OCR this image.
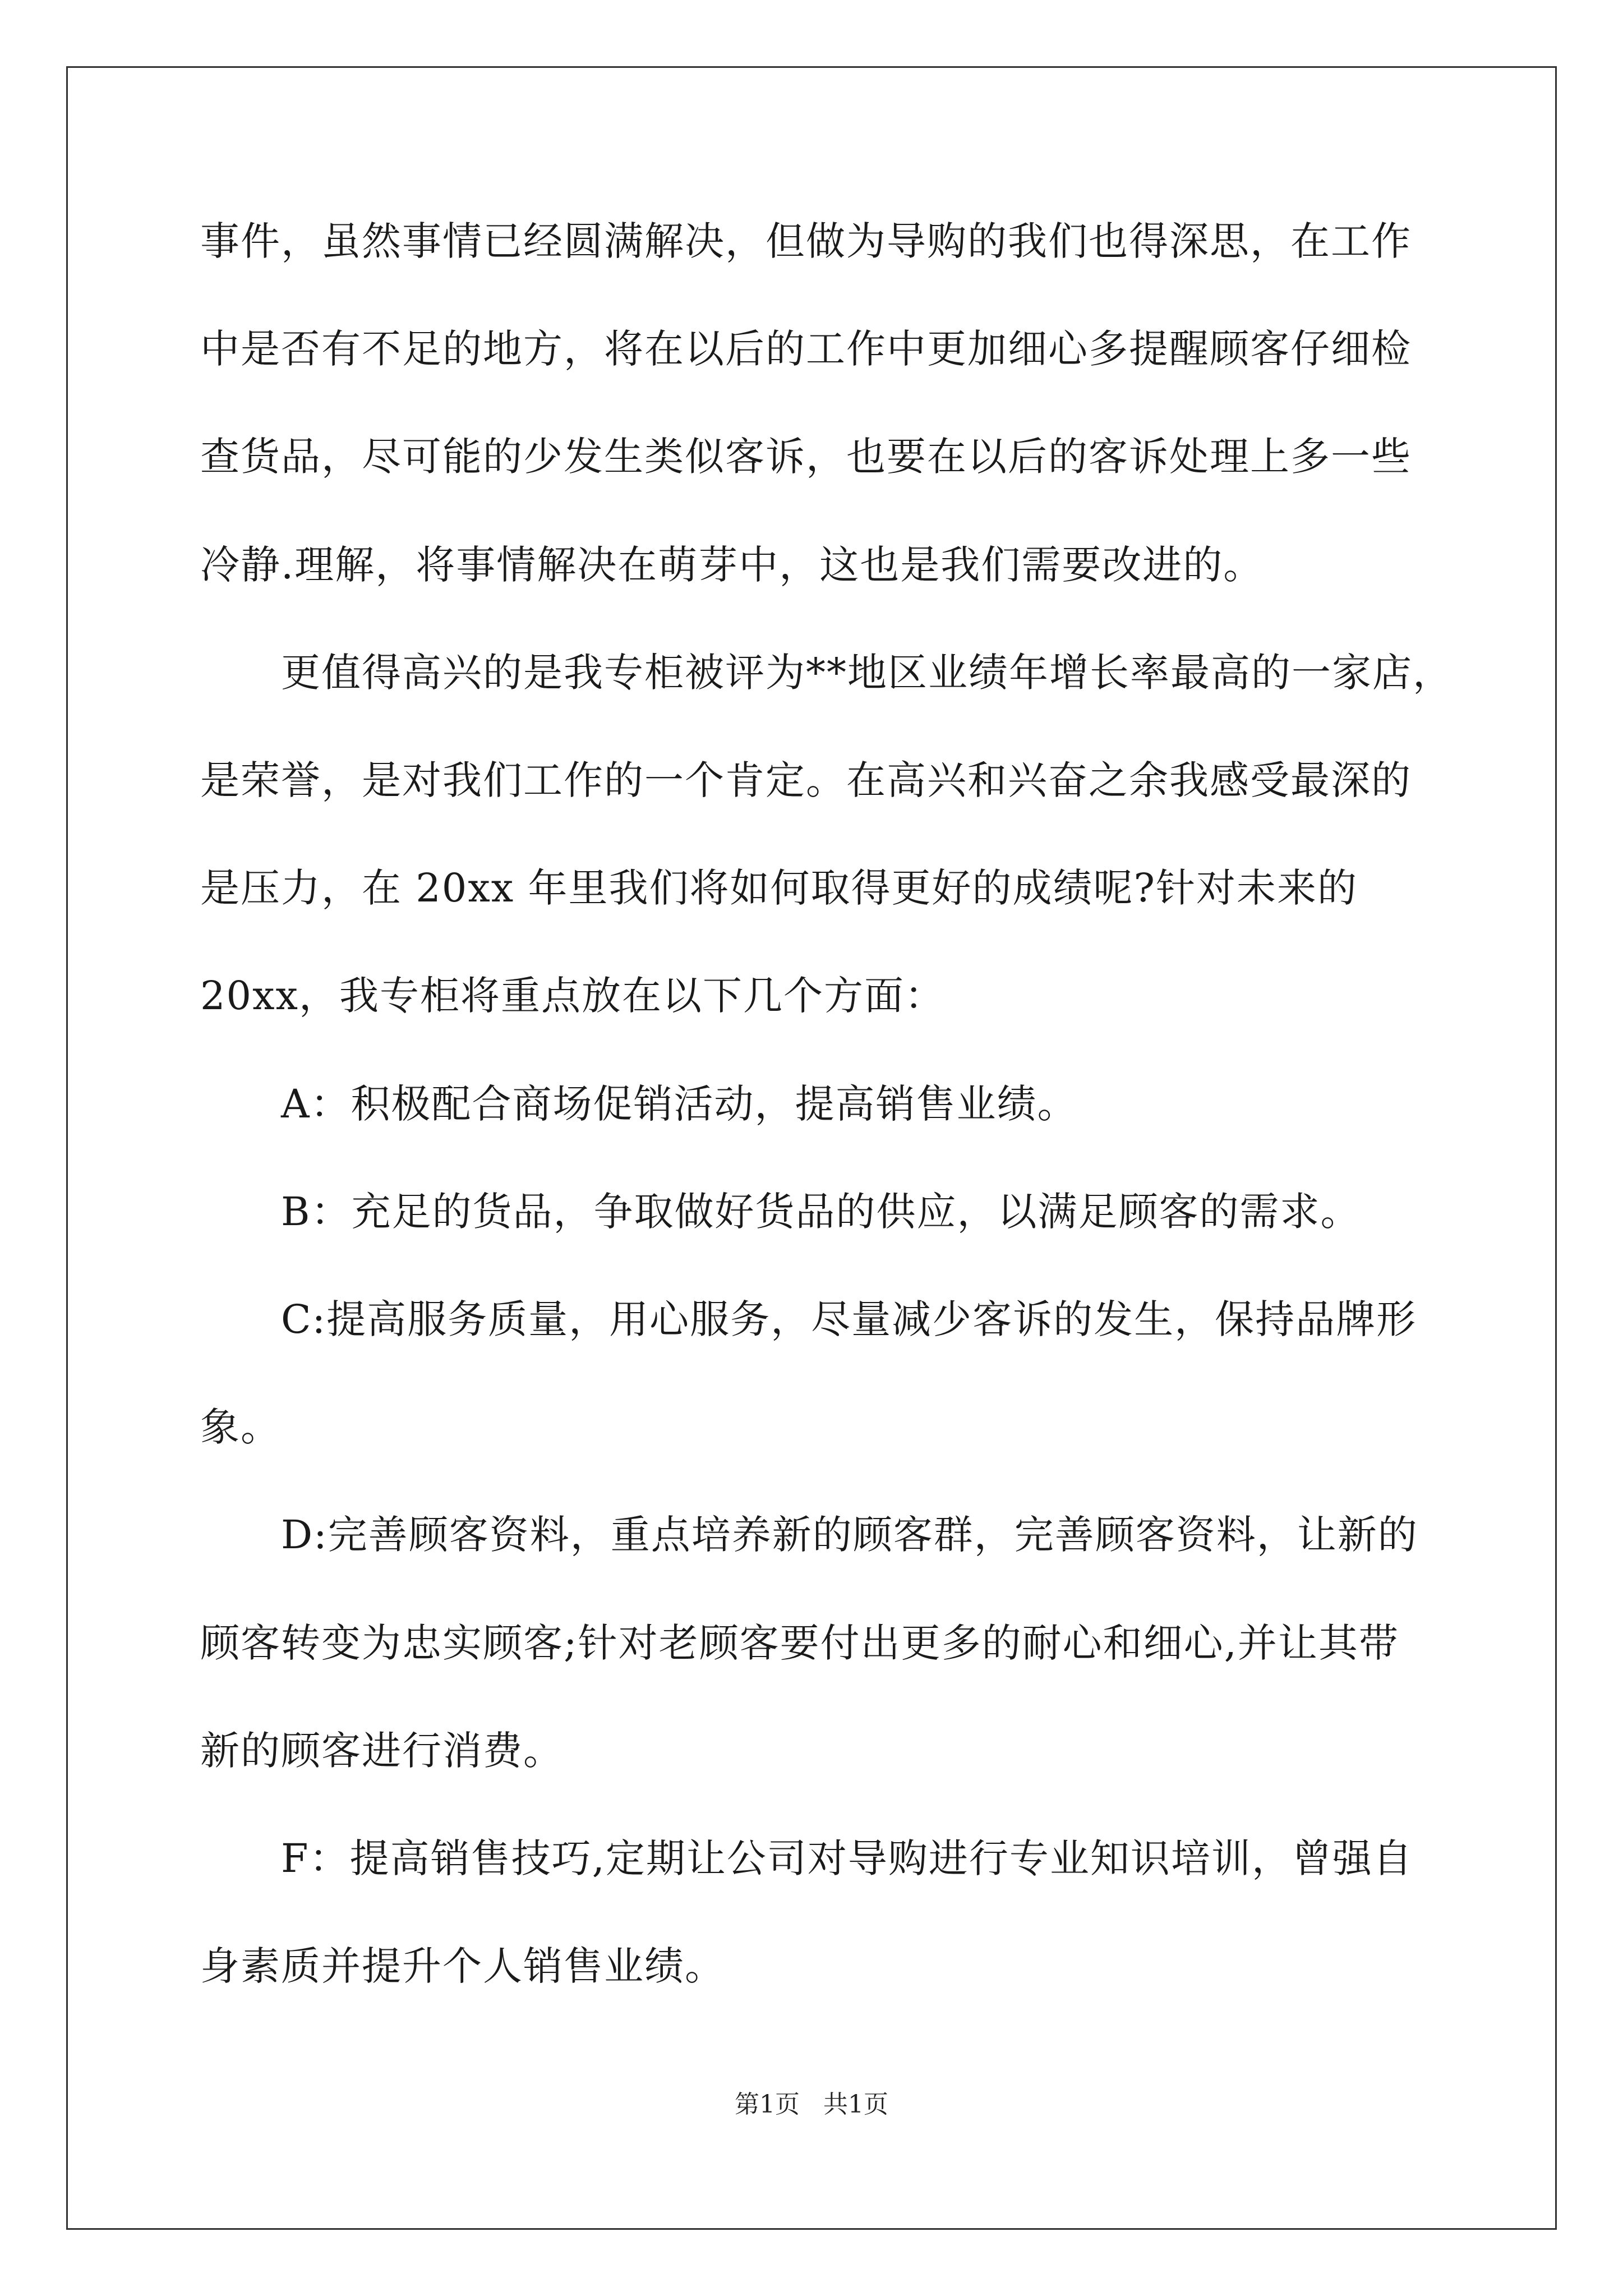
事件，虽然事情已经圆满解决，但做为导购的我们也得深思，在工作
中是否有不足的地方，将在以后的工作中更加细心多提醒顾客仔细检
查货品，尽可能的少发生类似客诉，也要在以后的客诉处理上多一些
冷静.理解，将事情解决在萌芽中，这也是我们需要改进的。
　　更值得高兴的是我专柜被评为**地区业绩年增长率最高的一家店，
是荣誉，是对我们工作的一个肯定。在高兴和兴奋之余我感受最深的
是压力，在 20xx 年里我们将如何取得更好的成绩呢?针对未来的
20xx，我专柜将重点放在以下几个方面：
　　A：积极配合商场促销活动，提高销售业绩。
　　B：充足的货品，争取做好货品的供应，以满足顾客的需求。
　　C:提高服务质量，用心服务，尽量减少客诉的发生，保持品牌形
象。
　　D:完善顾客资料，重点培养新的顾客群，完善顾客资料，让新的
顾客转变为忠实顾客;针对老顾客要付出更多的耐心和细心,并让其带
新的顾客进行消费。
　　F：提高销售技巧,定期让公司对导购进行专业知识培训，曾强自
身素质并提升个人销售业绩。
第1页 共1页
